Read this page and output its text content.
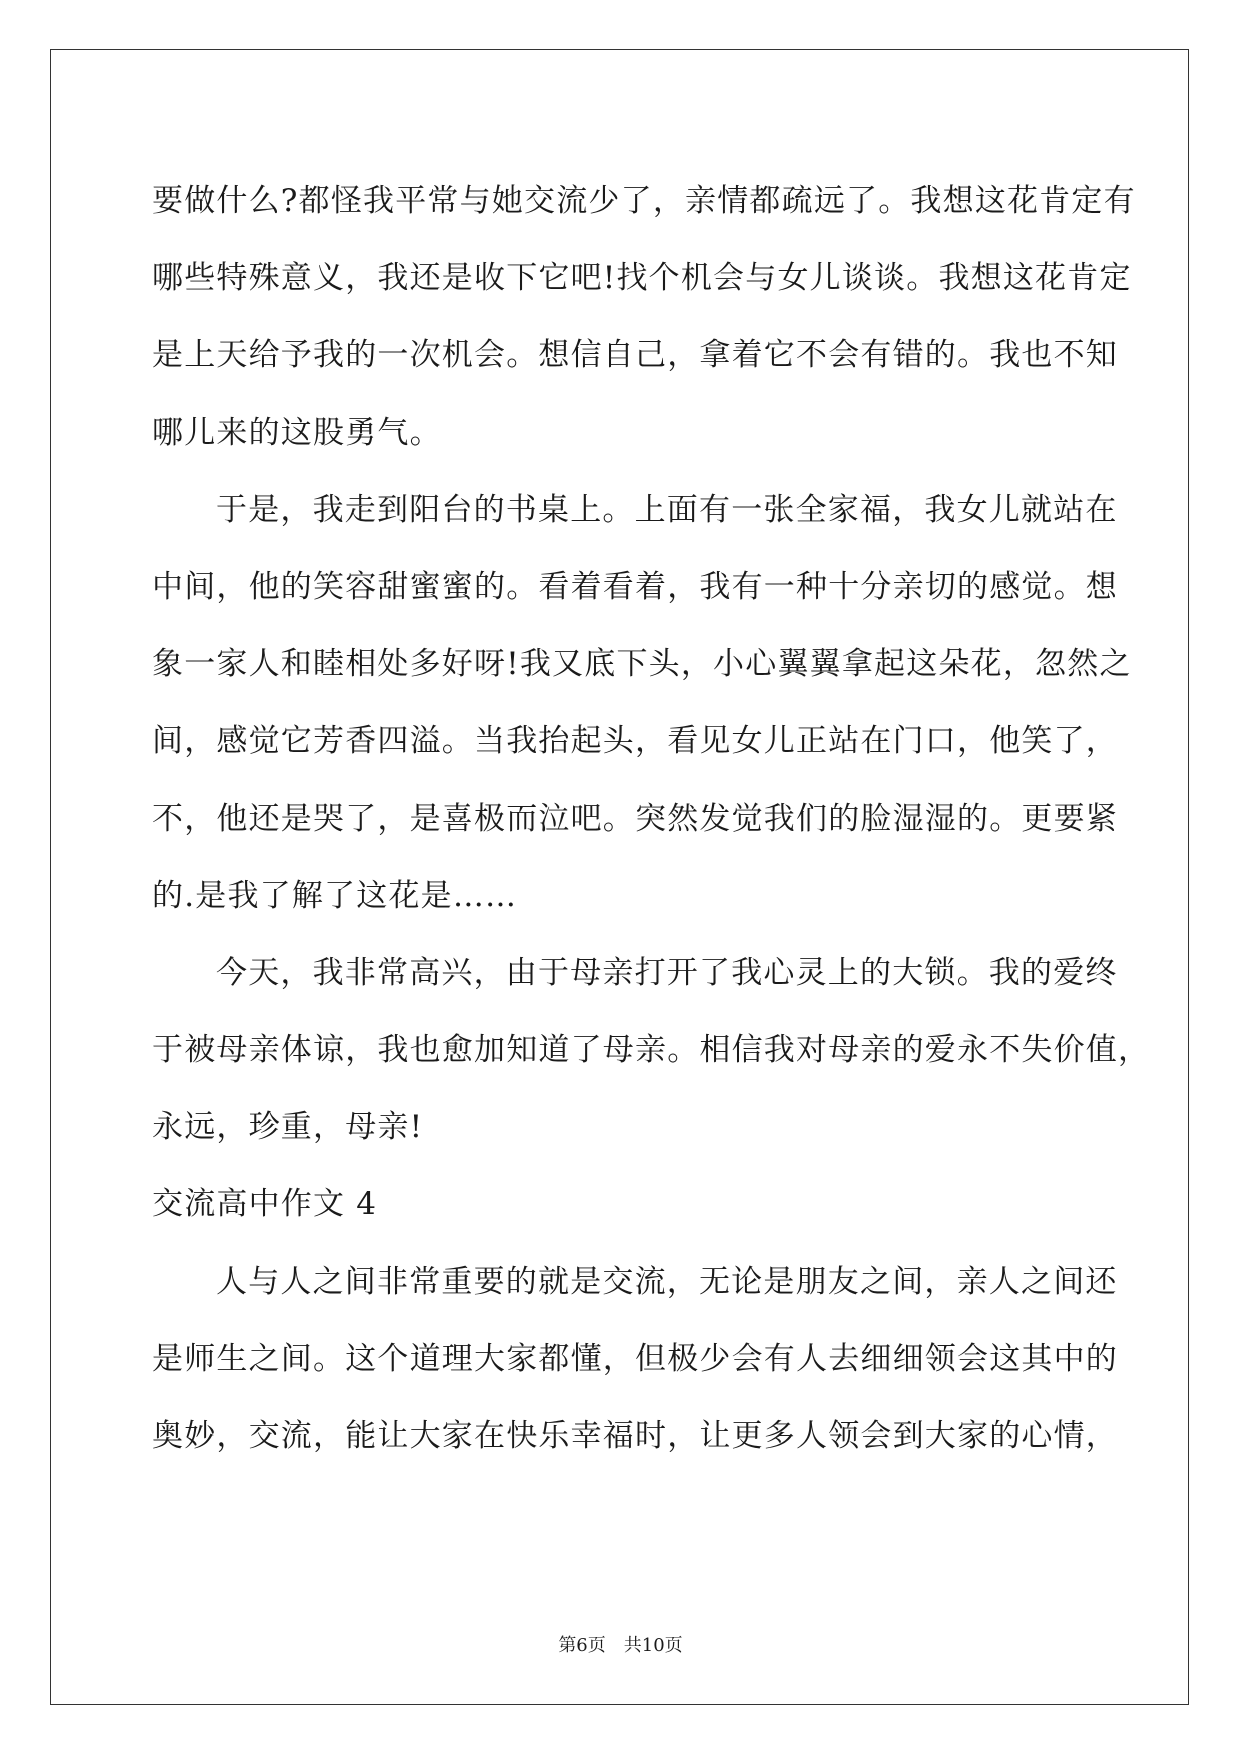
要做什么?都怪我平常与她交流少了，亲情都疏远了。我想这花肯定有
哪些特殊意义，我还是收下它吧!找个机会与女儿谈谈。我想这花肯定
是上天给予我的一次机会。想信自己，拿着它不会有错的。我也不知
哪儿来的这股勇气。
于是，我走到阳台的书桌上。上面有一张全家福，我女儿就站在
中间，他的笑容甜蜜蜜的。看着看着，我有一种十分亲切的感觉。想
象一家人和睦相处多好呀!我又底下头，小心翼翼拿起这朵花，忽然之
间，感觉它芳香四溢。当我抬起头，看见女儿正站在门口，他笑了，
不，他还是哭了，是喜极而泣吧。突然发觉我们的脸湿湿的。更要紧
的.是我了解了这花是……
今天，我非常高兴，由于母亲打开了我心灵上的大锁。我的爱终
于被母亲体谅，我也愈加知道了母亲。相信我对母亲的爱永不失价值，
永远，珍重，母亲!
交流高中作文 4
人与人之间非常重要的就是交流，无论是朋友之间，亲人之间还
是师生之间。这个道理大家都懂，但极少会有人去细细领会这其中的
奥妙，交流，能让大家在快乐幸福时，让更多人领会到大家的心情，
第6页 共10页
